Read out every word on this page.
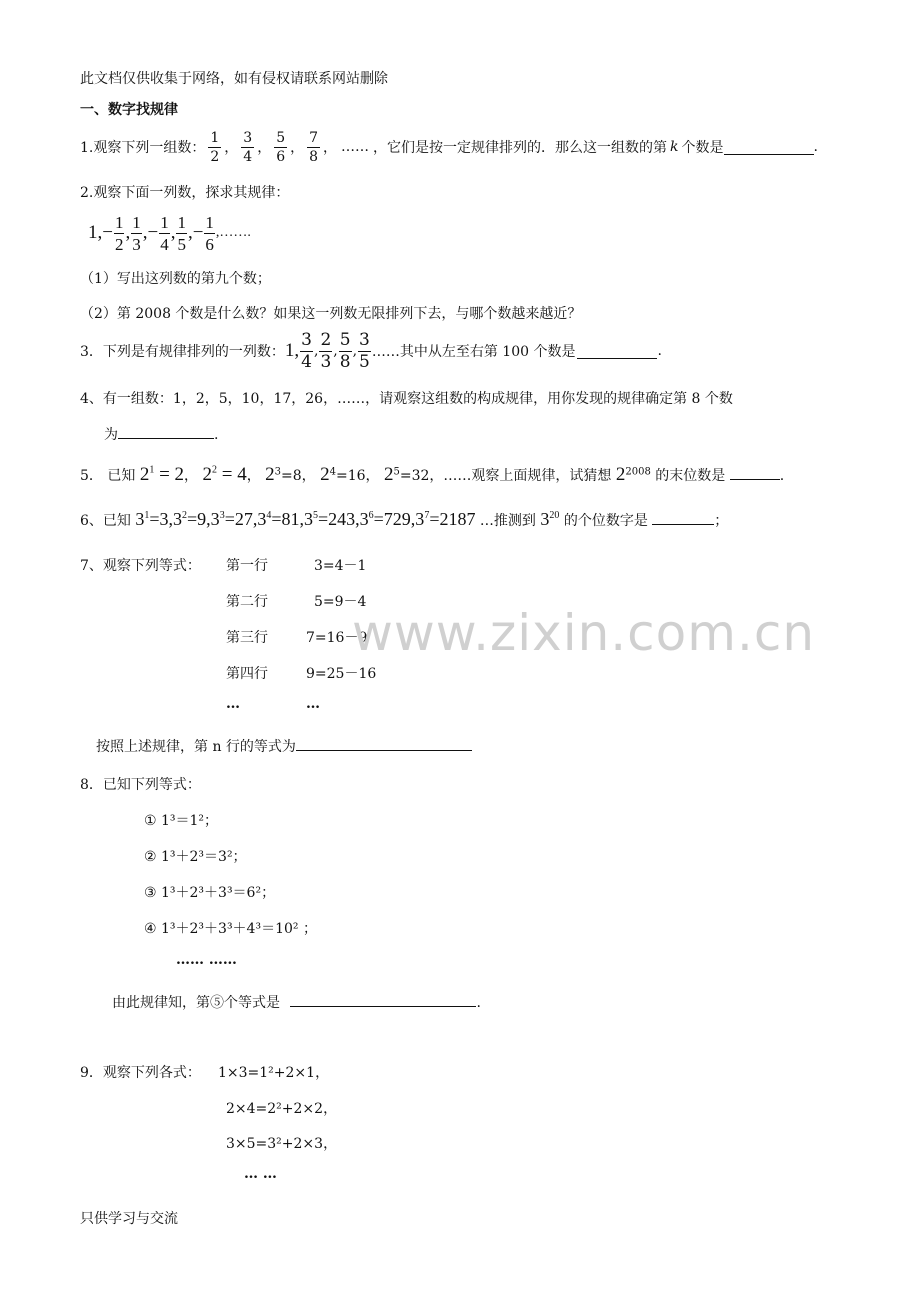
此文档仅供收集于网络，如有侵权请联系网站删除
一、数字找规律
1.观察下列一组数： $\frac{1}{2}$ ， $\frac{3}{4}$ ， $\frac{5}{6}$ ， $\frac{7}{8}$ ， …… ，它们是按一定规律排列的．那么这一组数的第 k 个数是	.
2.观察下面一列数，探求其规律：
$1,- \frac{1}{2}$ , 1
3
,− 1
4
, 1
5
,− 1
6
,…….
（1）写出这列数的第九个数；
（2）第 2008 个数是什么数？如果这一列数无限排列下去，与哪个数越来越近？
3．下列是有规律排列的一列数： 1,
3
4
,
2
3
,
5
8
,
3
5 ……其中从左至右第 100 个数是	.
4、有一组数：1，2，5，10，17，26，……，请观察这组数的构成规律，用你发现的规律确定第 8 个数
为	.
5． 已知 $2^1 = 2$， $2^2 = 4$， $2^3=8$， $2^4=16$， $2^5=32$，……观察上面规律，试猜想 $2^{2008}$ 的末位数是	.
6、已知 $3^1=3,3^2=9,3^3=27,3^4=81,3^5=243,3^6=729,3^7=2187$ …推测到 $3^{20}$ 的个位数字是	；
7、观察下列等式： 第一行	3=4－1
第二行	5=9－4
第三行	7=16－9
第四行	9=25－16
…	…
按照上述规律，第 n 行的等式为
8．已知下列等式：
① 1³＝1²；
② 1³＋2³＝3²；
③ 1³＋2³＋3³＝6²；
④ 1³＋2³＋3³＋4³＝10² ；
…… ……
由此规律知，第⑤个等式是	.
9．观察下列各式： 1×3=1²+2×1，
2×4=2²+2×2，
3×5=3²+2×3，
… …
只供学习与交流
www.zixin.com.cn
